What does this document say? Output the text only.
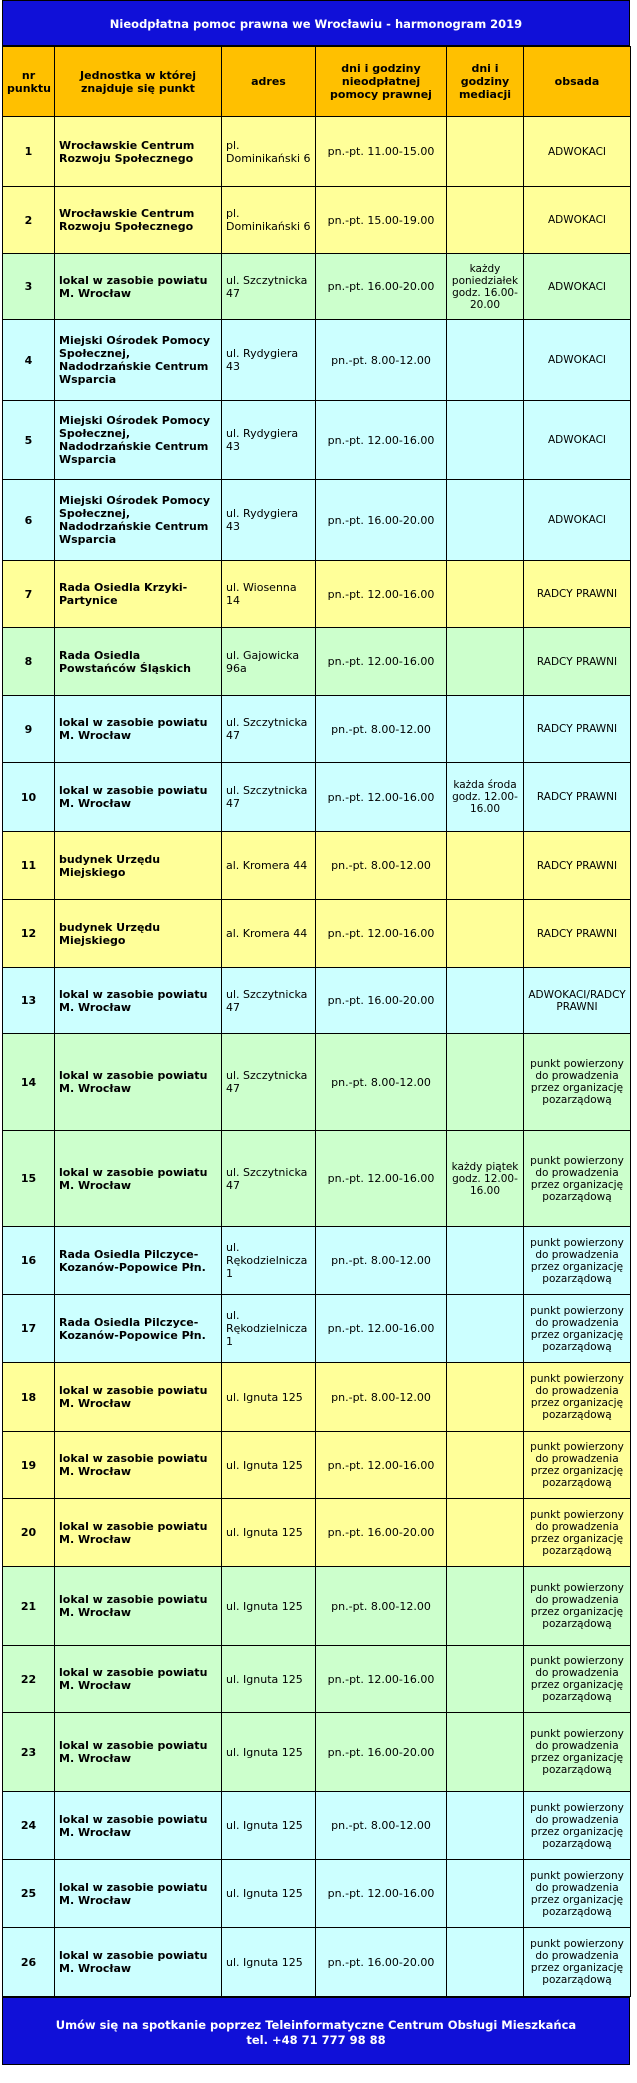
Nieodpłatna pomoc prawna we Wrocławiu - harmonogram 2019
nr punktu	Jednostka w której znajduje się punkt	adres	dni i godziny nieodpłatnej pomocy prawnej	dni i godziny mediacji	obsada
1	Wrocławskie Centrum Rozwoju Społecznego	pl. Dominikański 6	pn.-pt. 11.00-15.00		ADWOKACI
2	Wrocławskie Centrum Rozwoju Społecznego	pl. Dominikański 6	pn.-pt. 15.00-19.00		ADWOKACI
3	lokal w zasobie powiatu M. Wrocław	ul. Szczytnicka 47	pn.-pt. 16.00-20.00	każdy poniedziałek godz. 16.00-20.00	ADWOKACI
4	Miejski Ośrodek Pomocy Społecznej, Nadodrzańskie Centrum Wsparcia	ul. Rydygiera 43	pn.-pt. 8.00-12.00		ADWOKACI
5	Miejski Ośrodek Pomocy Społecznej, Nadodrzańskie Centrum Wsparcia	ul. Rydygiera 43	pn.-pt. 12.00-16.00		ADWOKACI
6	Miejski Ośrodek Pomocy Społecznej, Nadodrzańskie Centrum Wsparcia	ul. Rydygiera 43	pn.-pt. 16.00-20.00		ADWOKACI
7	Rada Osiedla Krzyki-Partynice	ul. Wiosenna 14	pn.-pt. 12.00-16.00		RADCY PRAWNI
8	Rada Osiedla Powstańców Śląskich	ul. Gajowicka 96a	pn.-pt. 12.00-16.00		RADCY PRAWNI
9	lokal w zasobie powiatu M. Wrocław	ul. Szczytnicka 47	pn.-pt. 8.00-12.00		RADCY PRAWNI
10	lokal w zasobie powiatu M. Wrocław	ul. Szczytnicka 47	pn.-pt. 12.00-16.00	każda środa godz. 12.00-16.00	RADCY PRAWNI
11	budynek Urzędu Miejskiego	al. Kromera 44	pn.-pt. 8.00-12.00		RADCY PRAWNI
12	budynek Urzędu Miejskiego	al. Kromera 44	pn.-pt. 12.00-16.00		RADCY PRAWNI
13	lokal w zasobie powiatu M. Wrocław	ul. Szczytnicka 47	pn.-pt. 16.00-20.00		ADWOKACI/RADCY PRAWNI
14	lokal w zasobie powiatu M. Wrocław	ul. Szczytnicka 47	pn.-pt. 8.00-12.00		punkt powierzony do prowadzenia przez organizację pozarządową
15	lokal w zasobie powiatu M. Wrocław	ul. Szczytnicka 47	pn.-pt. 12.00-16.00	każdy piątek godz. 12.00-16.00	punkt powierzony do prowadzenia przez organizację pozarządową
16	Rada Osiedla Pilczyce-Kozanów-Popowice Płn.	ul. Rękodzielnicza 1	pn.-pt. 8.00-12.00		punkt powierzony do prowadzenia przez organizację pozarządową
17	Rada Osiedla Pilczyce-Kozanów-Popowice Płn.	ul. Rękodzielnicza 1	pn.-pt. 12.00-16.00		punkt powierzony do prowadzenia przez organizację pozarządową
18	lokal w zasobie powiatu M. Wrocław	ul. Ignuta 125	pn.-pt. 8.00-12.00		punkt powierzony do prowadzenia przez organizację pozarządową
19	lokal w zasobie powiatu M. Wrocław	ul. Ignuta 125	pn.-pt. 12.00-16.00		punkt powierzony do prowadzenia przez organizację pozarządową
20	lokal w zasobie powiatu M. Wrocław	ul. Ignuta 125	pn.-pt. 16.00-20.00		punkt powierzony do prowadzenia przez organizację pozarządową
21	lokal w zasobie powiatu M. Wrocław	ul. Ignuta 125	pn.-pt. 8.00-12.00		punkt powierzony do prowadzenia przez organizację pozarządową
22	lokal w zasobie powiatu M. Wrocław	ul. Ignuta 125	pn.-pt. 12.00-16.00		punkt powierzony do prowadzenia przez organizację pozarządową
23	lokal w zasobie powiatu M. Wrocław	ul. Ignuta 125	pn.-pt. 16.00-20.00		punkt powierzony do prowadzenia przez organizację pozarządową
24	lokal w zasobie powiatu M. Wrocław	ul. Ignuta 125	pn.-pt. 8.00-12.00		punkt powierzony do prowadzenia przez organizację pozarządową
25	lokal w zasobie powiatu M. Wrocław	ul. Ignuta 125	pn.-pt. 12.00-16.00		punkt powierzony do prowadzenia przez organizację pozarządową
26	lokal w zasobie powiatu M. Wrocław	ul. Ignuta 125	pn.-pt. 16.00-20.00		punkt powierzony do prowadzenia przez organizację pozarządową
Umów się na spotkanie poprzez Teleinformatyczne Centrum Obsługi Mieszkańca
tel. +48 71 777 98 88
